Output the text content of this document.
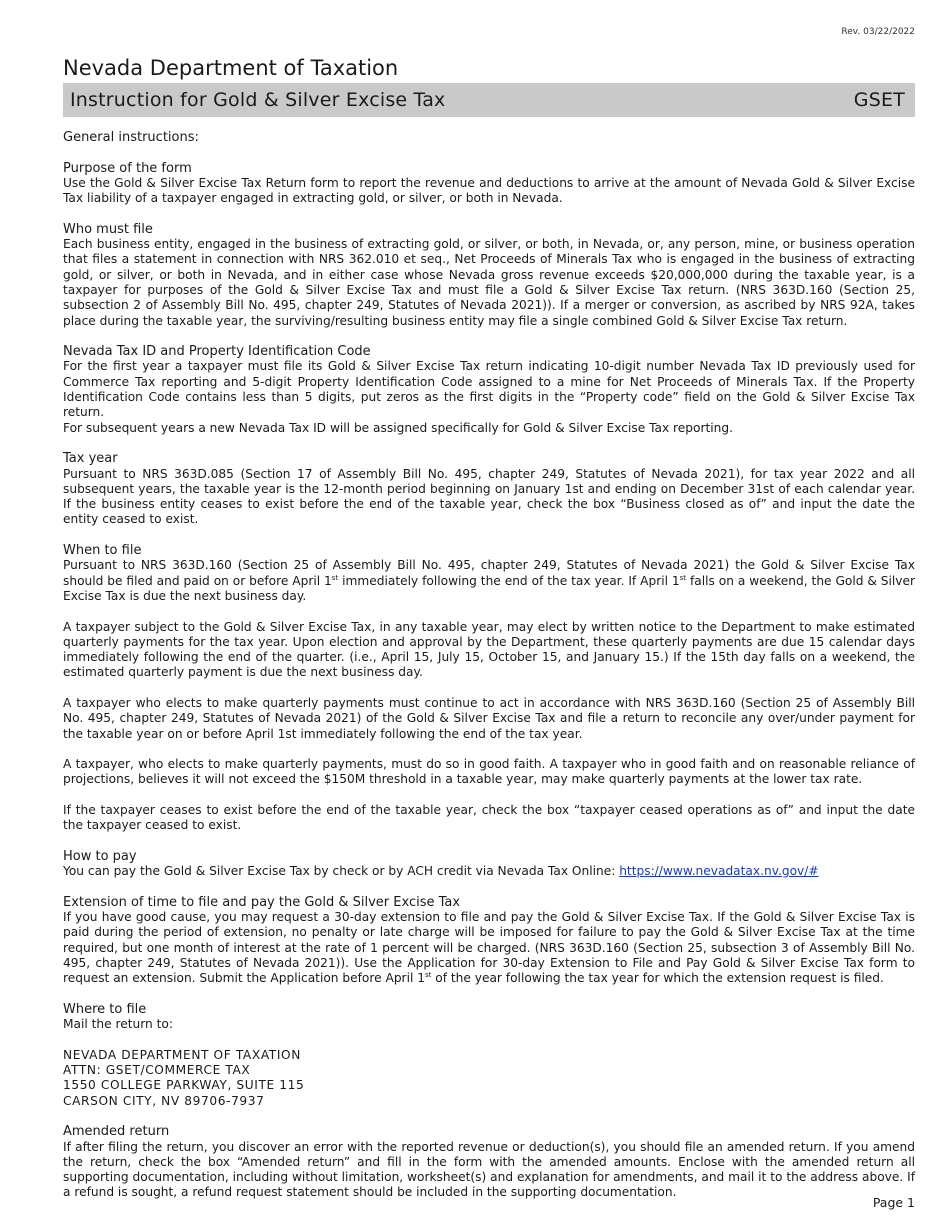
Rev. 03/22/2022
Nevada Department of Taxation
Instruction for Gold & Silver Excise Tax	GSET

General instructions:

Purpose of the form

Use the Gold & Silver Excise Tax Return form to report the revenue and deductions to arrive at the amount of Nevada Gold & Silver Excise Tax liability of a taxpayer engaged in extracting gold, or silver, or both in Nevada.

Who must file

Each business entity, engaged in the business of extracting gold, or silver, or both, in Nevada, or, any person, mine, or business operation that files a statement in connection with NRS 362.010 et seq., Net Proceeds of Minerals Tax who is engaged in the business of extracting gold, or silver, or both in Nevada, and in either case whose Nevada gross revenue exceeds $20,000,000 during the taxable year, is a taxpayer for purposes of the Gold & Silver Excise Tax and must file a Gold & Silver Excise Tax return. (NRS 363D.160 (Section 25, subsection 2 of Assembly Bill No. 495, chapter 249, Statutes of Nevada 2021)). If a merger or conversion, as ascribed by NRS 92A, takes place during the taxable year, the surviving/resulting business entity may file a single combined Gold & Silver Excise Tax return.

Nevada Tax ID and Property Identification Code

For the first year a taxpayer must file its Gold & Silver Excise Tax return indicating 10-digit number Nevada Tax ID previously used for Commerce Tax reporting and 5-digit Property Identification Code assigned to a mine for Net Proceeds of Minerals Tax. If the Property Identification Code contains less than 5 digits, put zeros as the first digits in the “Property code” field on the Gold & Silver Excise Tax return.

For subsequent years a new Nevada Tax ID will be assigned specifically for Gold & Silver Excise Tax reporting.

Tax year

Pursuant to NRS 363D.085 (Section 17 of Assembly Bill No. 495, chapter 249, Statutes of Nevada 2021), for tax year 2022 and all subsequent years, the taxable year is the 12-month period beginning on January 1st and ending on December 31st of each calendar year. If the business entity ceases to exist before the end of the taxable year, check the box “Business closed as of” and input the date the entity ceased to exist.

When to file

Pursuant to NRS 363D.160 (Section 25 of Assembly Bill No. 495, chapter 249, Statutes of Nevada 2021) the Gold & Silver Excise Tax should be filed and paid on or before April 1st immediately following the end of the tax year. If April 1st falls on a weekend, the Gold & Silver Excise Tax is due the next business day.

A taxpayer subject to the Gold & Silver Excise Tax, in any taxable year, may elect by written notice to the Department to make estimated quarterly payments for the tax year. Upon election and approval by the Department, these quarterly payments are due 15 calendar days immediately following the end of the quarter. (i.e., April 15, July 15, October 15, and January 15.) If the 15th day falls on a weekend, the estimated quarterly payment is due the next business day.

A taxpayer who elects to make quarterly payments must continue to act in accordance with NRS 363D.160 (Section 25 of Assembly Bill No. 495, chapter 249, Statutes of Nevada 2021) of the Gold & Silver Excise Tax and file a return to reconcile any over/under payment for the taxable year on or before April 1st immediately following the end of the tax year.

A taxpayer, who elects to make quarterly payments, must do so in good faith. A taxpayer who in good faith and on reasonable reliance of projections, believes it will not exceed the $150M threshold in a taxable year, may make quarterly payments at the lower tax rate.

If the taxpayer ceases to exist before the end of the taxable year, check the box “taxpayer ceased operations as of” and input the date the taxpayer ceased to exist.

How to pay

You can pay the Gold & Silver Excise Tax by check or by ACH credit via Nevada Tax Online: https://www.nevadatax.nv.gov/#

Extension of time to file and pay the Gold & Silver Excise Tax

If you have good cause, you may request a 30-day extension to file and pay the Gold & Silver Excise Tax. If the Gold & Silver Excise Tax is paid during the period of extension, no penalty or late charge will be imposed for failure to pay the Gold & Silver Excise Tax at the time required, but one month of interest at the rate of 1 percent will be charged. (NRS 363D.160 (Section 25, subsection 3 of Assembly Bill No. 495, chapter 249, Statutes of Nevada 2021)). Use the Application for 30-day Extension to File and Pay Gold & Silver Excise Tax form to request an extension. Submit the Application before April 1st of the year following the tax year for which the extension request is filed.

Where to file

Mail the return to:

NEVADA DEPARTMENT OF TAXATION

ATTN: GSET/COMMERCE TAX

1550 COLLEGE PARKWAY, SUITE 115

CARSON CITY, NV 89706-7937

Amended return

If after filing the return, you discover an error with the reported revenue or deduction(s), you should file an amended return. If you amend the return, check the box “Amended return” and fill in the form with the amended amounts. Enclose with the amended return all supporting documentation, including without limitation, worksheet(s) and explanation for amendments, and mail it to the address above. If a refund is sought, a refund request statement should be included in the supporting documentation.

Page 1
